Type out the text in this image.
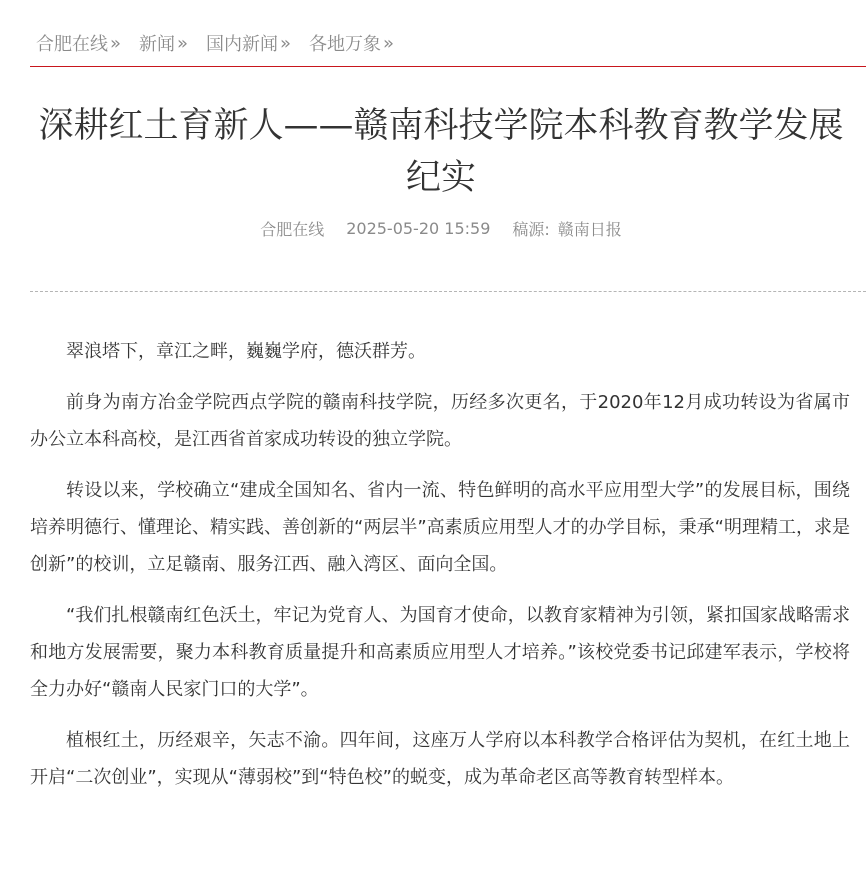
合肥在线 » 新闻 » 国内新闻 » 各地万象 »
深耕红土育新人——赣南科技学院本科教育教学发展纪实
合肥在线 2025-05-20 15:59 稿源: 赣南日报

翠浪塔下，章江之畔，巍巍学府，德沃群芳。

前身为南方冶金学院西点学院的赣南科技学院，历经多次更名，于2020年12月成功转设为省属市办公立本科高校，是江西省首家成功转设的独立学院。

转设以来，学校确立“建成全国知名、省内一流、特色鲜明的高水平应用型大学”的发展目标，围绕培养明德行、懂理论、精实践、善创新的“两层半”高素质应用型人才的办学目标，秉承“明理精工，求是创新”的校训，立足赣南、服务江西、融入湾区、面向全国。

“我们扎根赣南红色沃土，牢记为党育人、为国育才使命，以教育家精神为引领，紧扣国家战略需求和地方发展需要，聚力本科教育质量提升和高素质应用型人才培养。”该校党委书记邱建军表示，学校将全力办好“赣南人民家门口的大学”。

植根红土，历经艰辛，矢志不渝。四年间，这座万人学府以本科教学合格评估为契机，在红土地上开启“二次创业”，实现从“薄弱校”到“特色校”的蜕变，成为革命老区高等教育转型样本。
